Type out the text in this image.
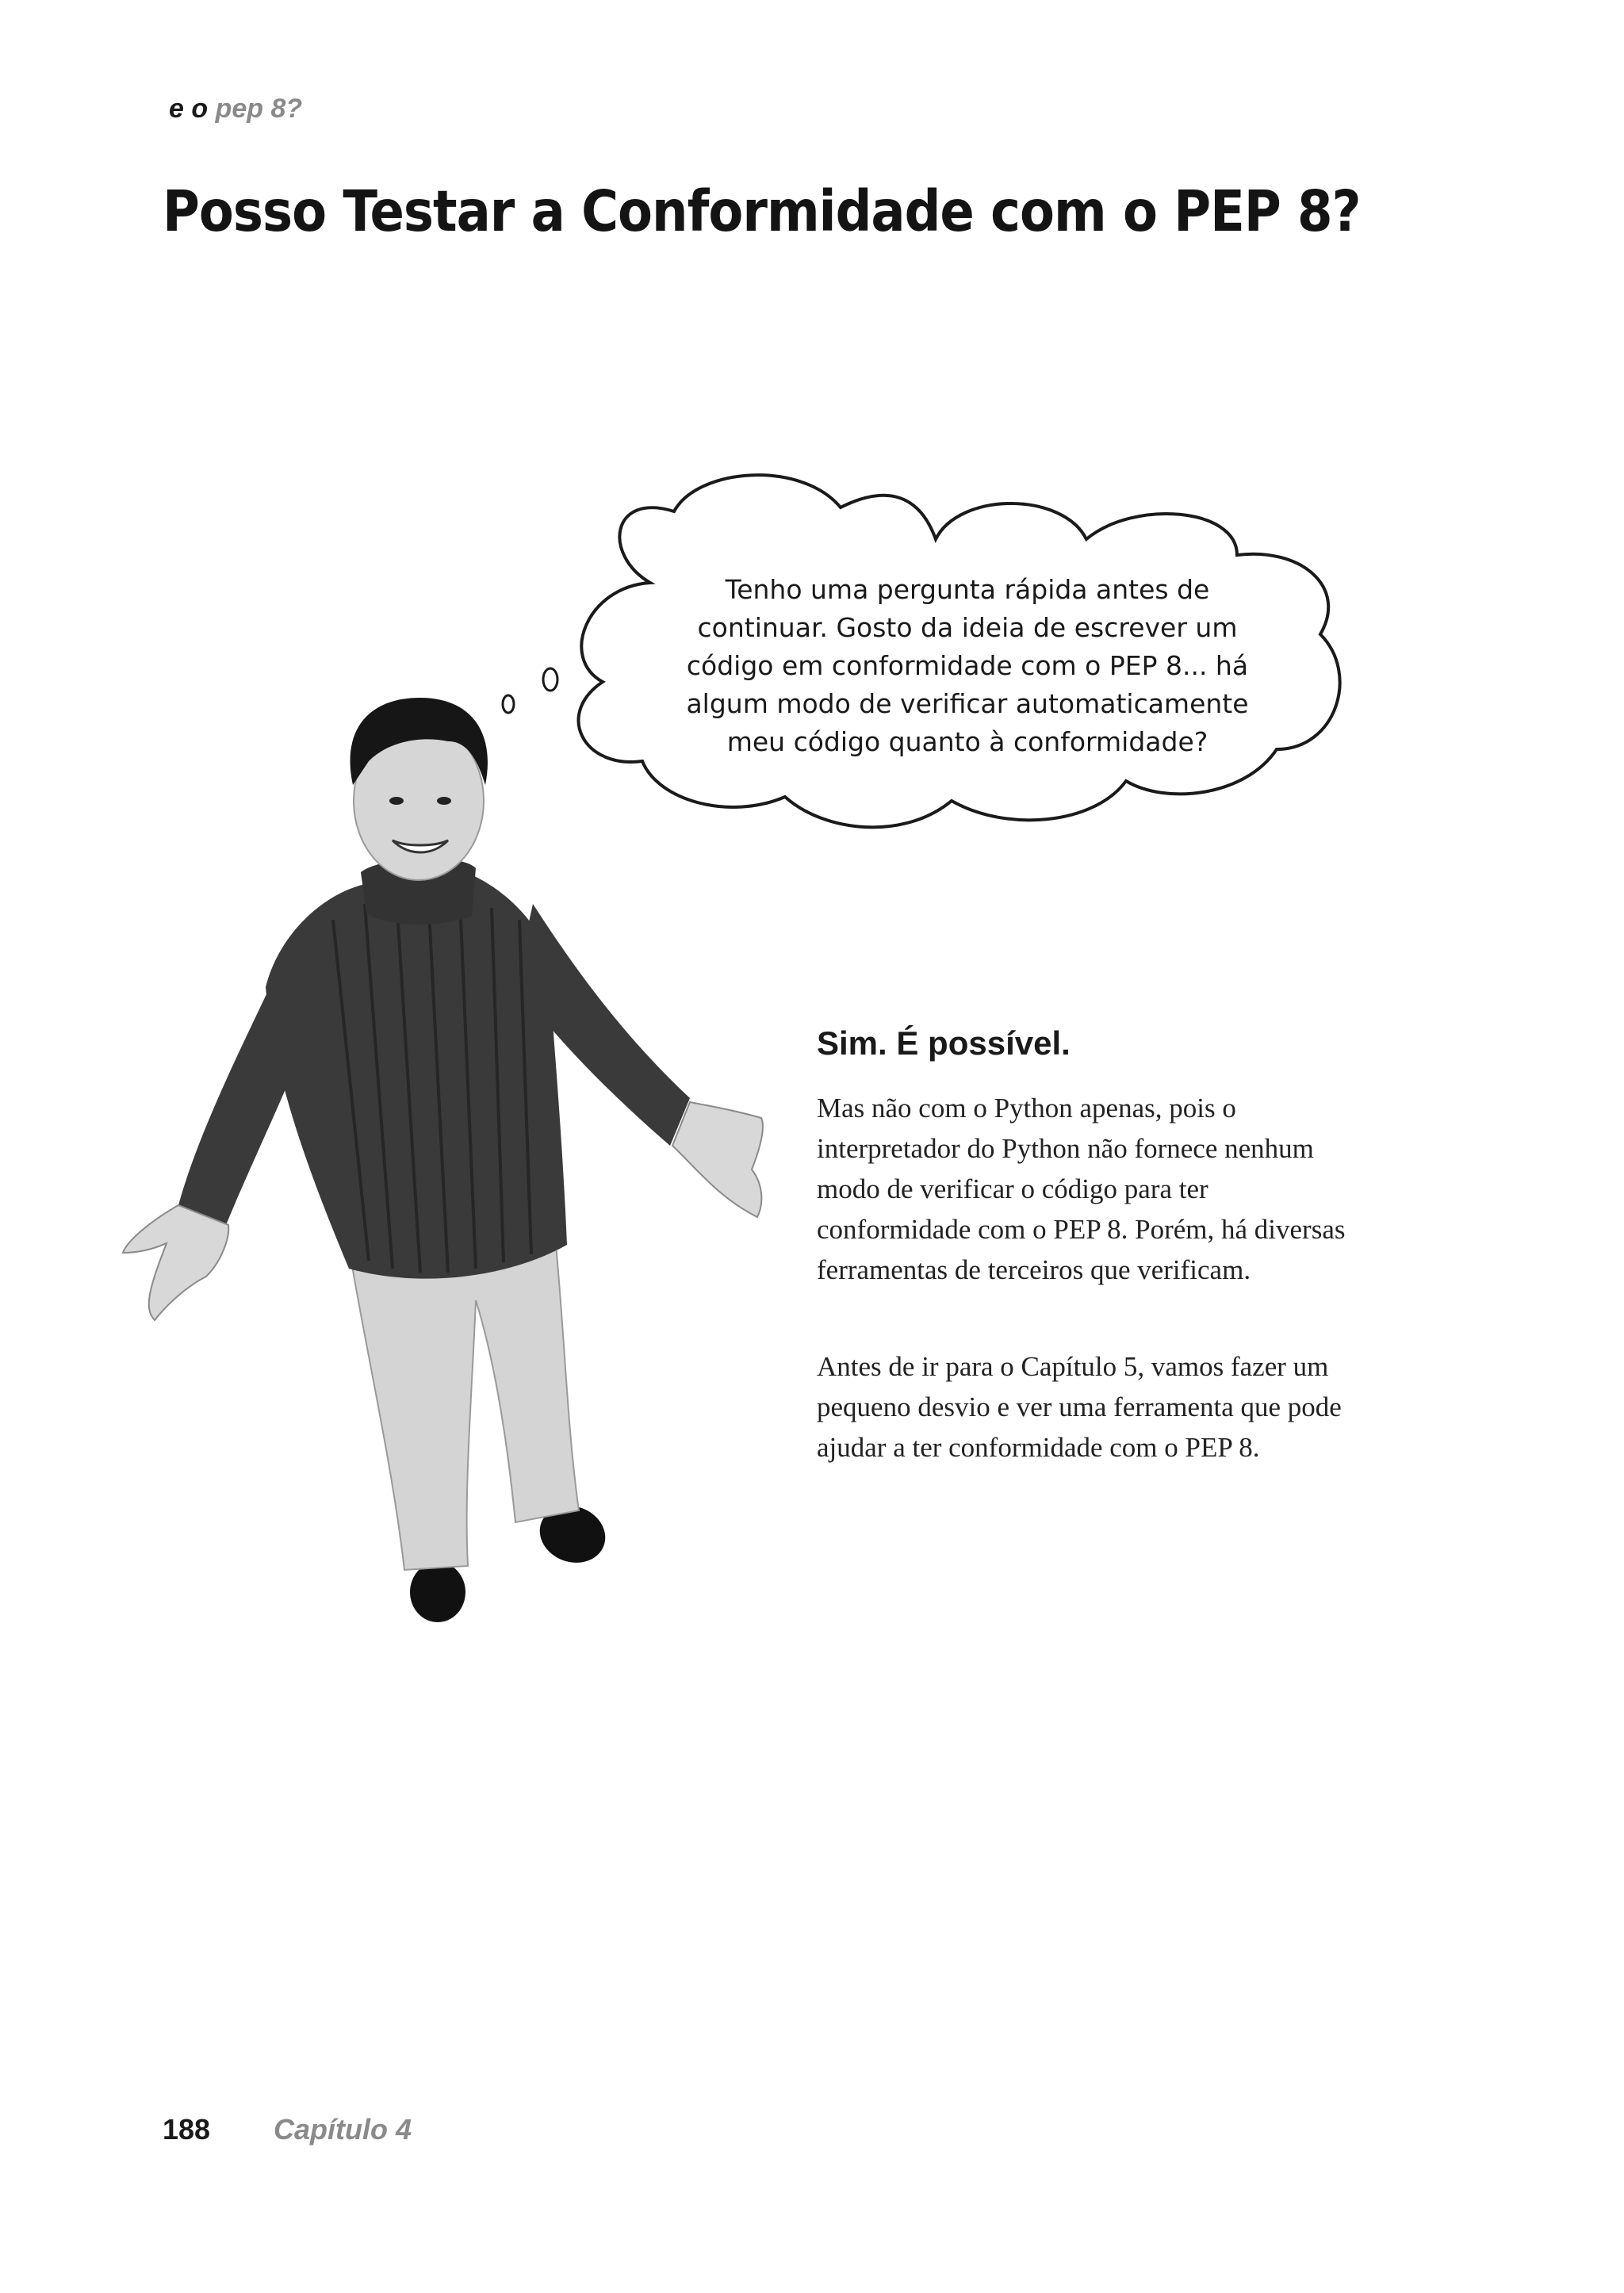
e o pep 8?
Posso Testar a Conformidade com o PEP 8?
Tenho uma pergunta rápida antes de
continuar. Gosto da ideia de escrever um
código em conformidade com o PEP 8... há
algum modo de verificar automaticamente
meu código quanto à conformidade?
Sim. É possível.

Mas não com o Python apenas, pois o interpretador do Python não fornece nenhum modo de verificar o código para ter conformidade com o PEP 8. Porém, há diversas ferramentas de terceiros que verificam.

Antes de ir para o Capítulo 5, vamos fazer um pequeno desvio e ver uma ferramenta que pode ajudar a ter conformidade com o PEP 8.

188 Capítulo 4
